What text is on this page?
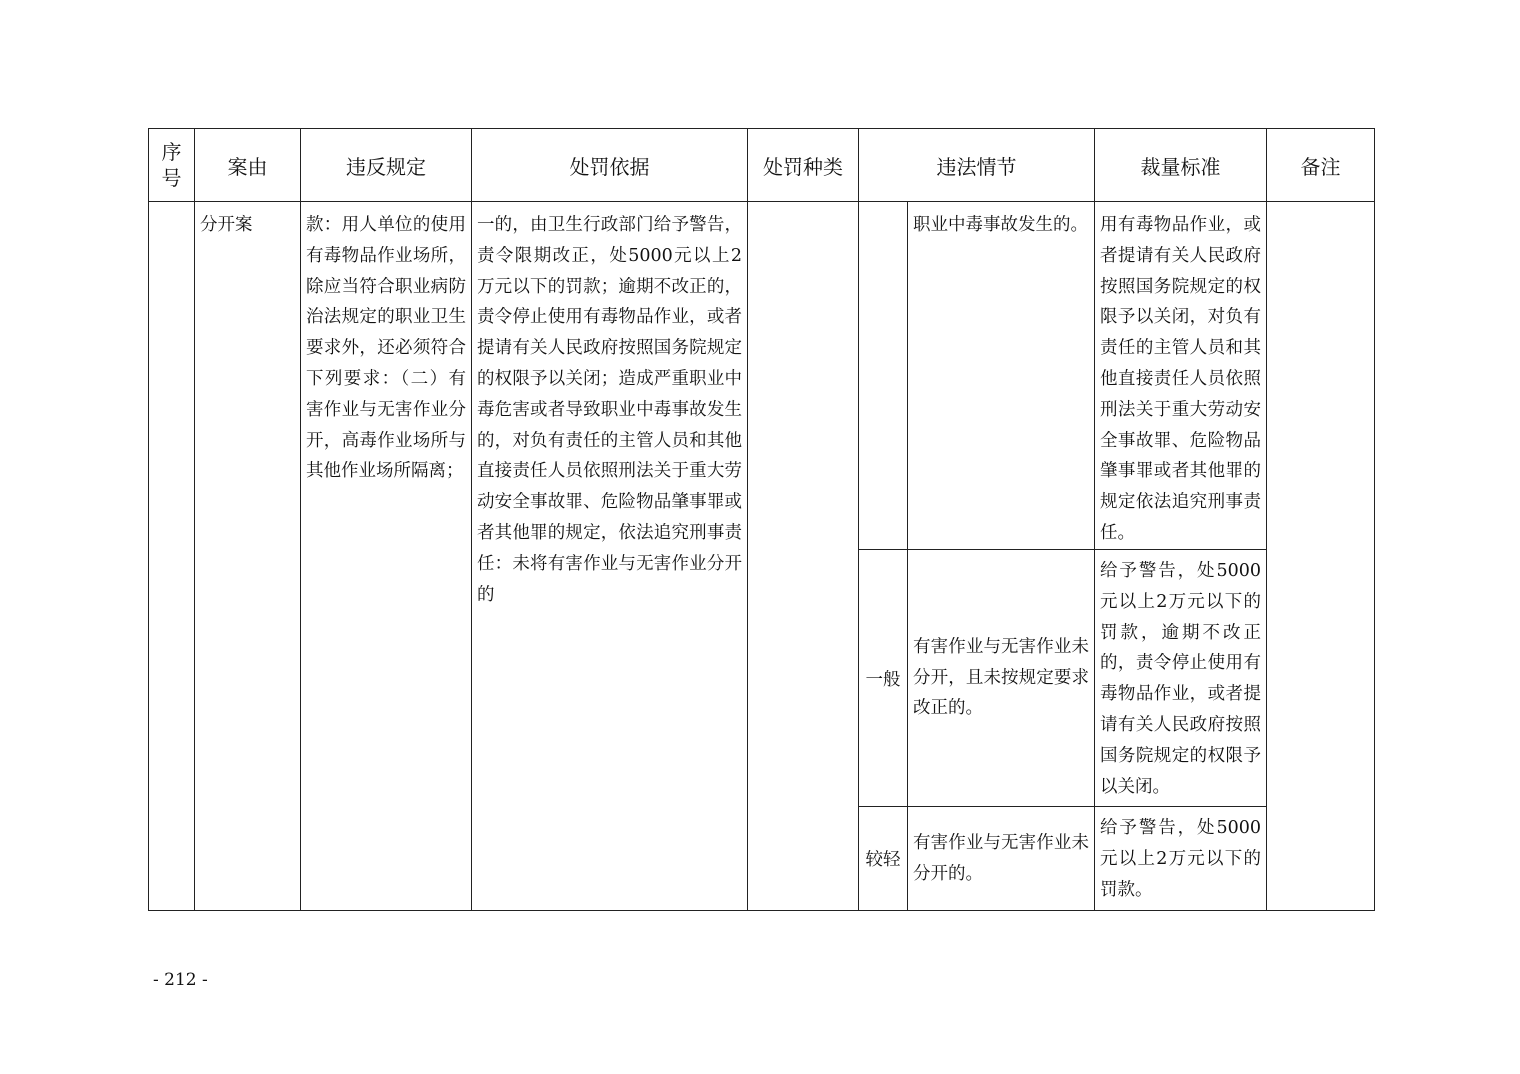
序
号	案由	违反规定	处罚依据	处罚种类	违法情节		裁量标准	备注

	分开案	款：用人单位的使用有毒物品作业场所，除应当符合职业病防治法规定的职业卫生要求外，还必须符合下列要求：（二）有害作业与无害作业分开，高毒作业场所与其他作业场所隔离；	一的，由卫生行政部门给予警告，责令限期改正，处5000元以上2万元以下的罚款；逾期不改正的，责令停止使用有毒物品作业，或者提请有关人民政府按照国务院规定的权限予以关闭；造成严重职业中毒危害或者导致职业中毒事故发生的，对负有责任的主管人员和其他直接责任人员依照刑法关于重大劳动安全事故罪、危险物品肇事罪或者其他罪的规定，依法追究刑事责任：未将有害作业与无害作业分开的			职业中毒事故发生的。	用有毒物品作业，或者提请有关人民政府按照国务院规定的权限予以关闭，对负有责任的主管人员和其他直接责任人员依照刑法关于重大劳动安全事故罪、危险物品肇事罪或者其他罪的规定依法追究刑事责任。	

					一般	有害作业与无害作业未分开，且未按规定要求改正的。	给予警告，处5000元以上2万元以下的罚款，逾期不改正的，责令停止使用有毒物品作业，或者提请有关人民政府按照国务院规定的权限予以关闭。	

					较轻	有害作业与无害作业未分开的。	给予警告，处5000元以上2万元以下的罚款。	
- 212 -
